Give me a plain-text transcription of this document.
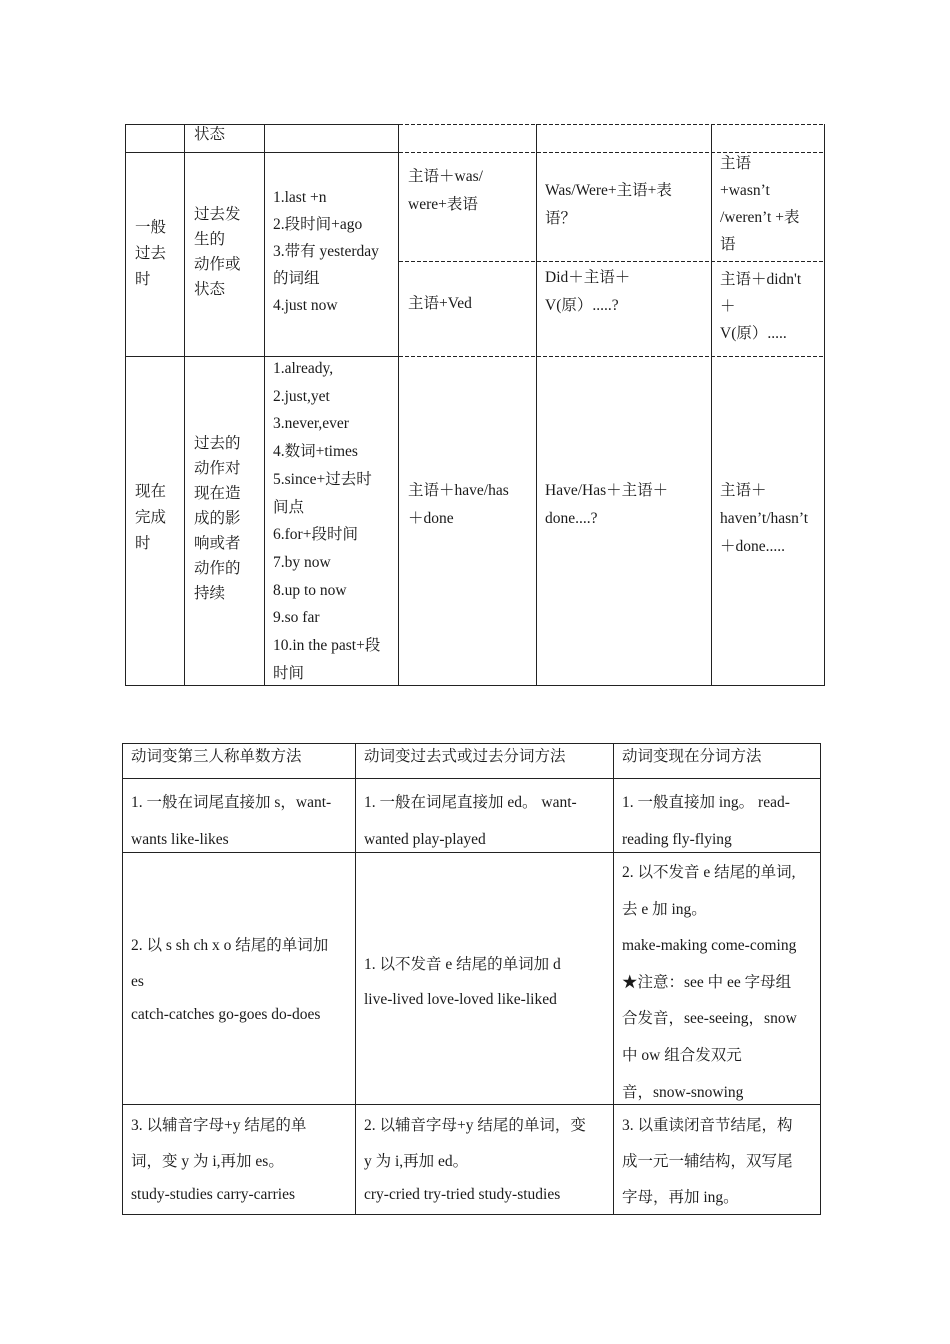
状态
一般
过去
时
过去发
生的
动作或
状态
1.last +n
2.段时间+ago
3.带有 yesterday
的词组
4.just now
主语＋was/
were+表语
Was/Were+主语+表
语？
主语
+wasn’t
/weren’t +表
语
主语+Ved
Did＋主语＋
V(原）.....?
主语＋didn't
＋
V(原）.....
现在
完成
时
过去的
动作对
现在造
成的影
响或者
动作的
持续
1.already,
2.just,yet
3.never,ever
4.数词+times
5.since+过去时
间点
6.for+段时间
7.by now
8.up to now
9.so far
10.in the past+段
时间
主语＋have/has
＋done
Have/Has＋主语＋
done....?
主语＋
haven’t/hasn’t
＋done.....
动词变第三人称单数方法	动词变过去式或过去分词方法	动词变现在分词方法
1. 一般在词尾直接加 s，want-
wants like-likes
1. 一般在词尾直接加 ed。 want-
wanted play-played
1. 一般直接加 ing。 read-
reading fly-flying
2. 以 s sh ch x o 结尾的单词加
es
catch-catches go-goes do-does
1. 以不发音 e 结尾的单词加 d
live-lived love-loved like-liked
2. 以不发音 e 结尾的单词,
去 e 加 ing。
make-making come-coming
★注意：see 中 ee 字母组
合发音，see-seeing，snow
中 ow 组合发双元
音，snow-snowing
3. 以辅音字母+y 结尾的单
词，变 y 为 i,再加 es。
study-studies carry-carries
2. 以辅音字母+y 结尾的单词，变
y 为 i,再加 ed。
cry-cried try-tried study-studies
3. 以重读闭音节结尾，构
成一元一辅结构，双写尾
字母，再加 ing。
